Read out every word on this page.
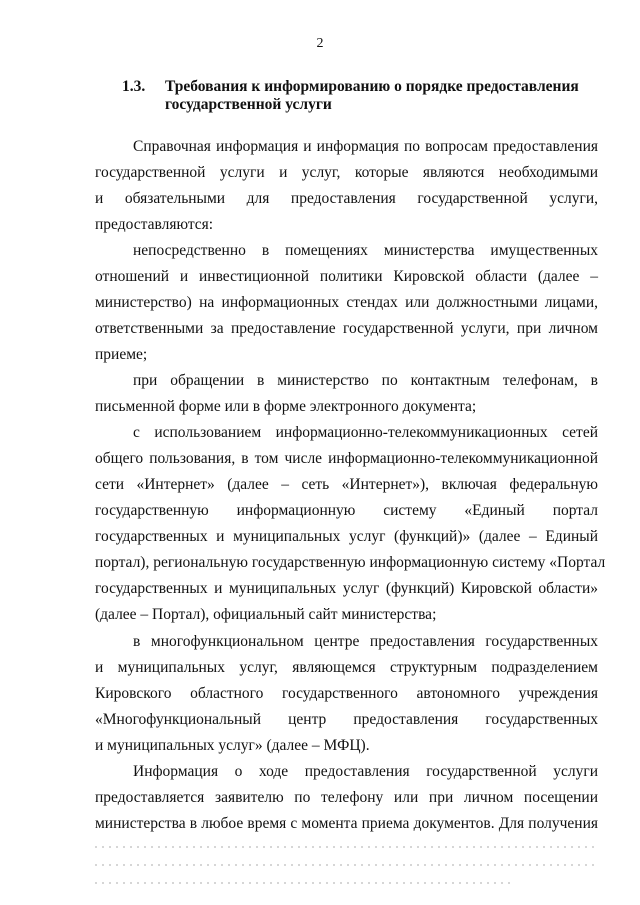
2
1.3. Требования к информированию о порядке предоставления
государственной услуги
Справочная информация и информация по вопросам предоставления
государственной услуги и услуг, которые являются необходимыми
и обязательными для предоставления государственной услуги,
предоставляются:
непосредственно в помещениях министерства имущественных
отношений и инвестиционной политики Кировской области (далее –
министерство) на информационных стендах или должностными лицами,
ответственными за предоставление государственной услуги, при личном
приеме;
при обращении в министерство по контактным телефонам, в
письменной форме или в форме электронного документа;
с использованием информационно-телекоммуникационных сетей
общего пользования, в том числе информационно-телекоммуникационной
сети «Интернет» (далее – сеть «Интернет»), включая федеральную
государственную информационную систему «Единый портал
государственных и муниципальных услуг (функций)» (далее – Единый
портал), региональную государственную информационную систему «Портал
государственных и муниципальных услуг (функций) Кировской области»
(далее – Портал), официальный сайт министерства;
в многофункциональном центре предоставления государственных
и муниципальных услуг, являющемся структурным подразделением
Кировского областного государственного автономного учреждения
«Многофункциональный центр предоставления государственных
и муниципальных услуг» (далее – МФЦ).
Информация о ходе предоставления государственной услуги
предоставляется заявителю по телефону или при личном посещении
министерства в любое время с момента приема документов. Для получения
